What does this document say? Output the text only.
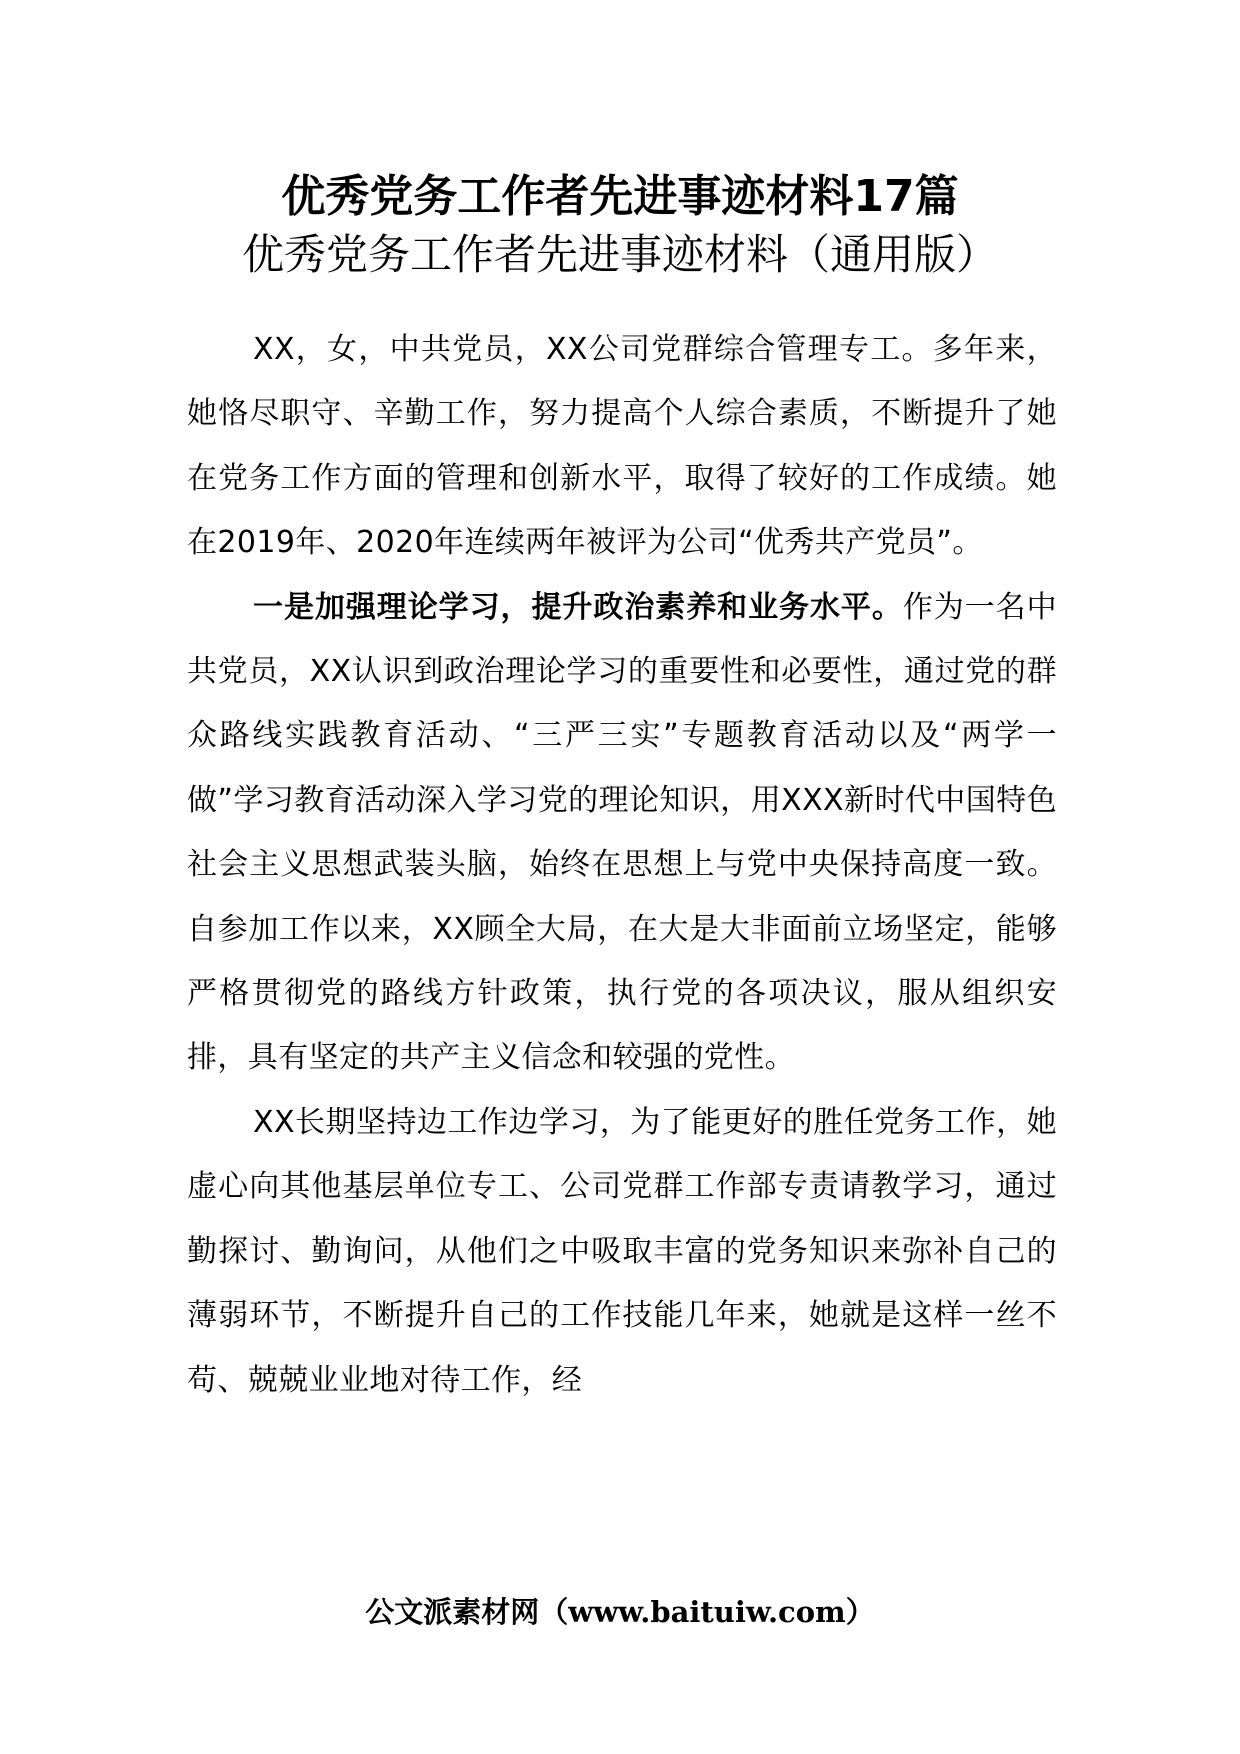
优秀党务工作者先进事迹材料17篇
优秀党务工作者先进事迹材料（通用版）

XX，女，中共党员，XX公司党群综合管理专工。多年来，她恪尽职守、辛勤工作，努力提高个人综合素质，不断提升了她在党务工作方面的管理和创新水平，取得了较好的工作成绩。她在2019年、2020年连续两年被评为公司“优秀共产党员”。

一是加强理论学习，提升政治素养和业务水平。作为一名中共党员，XX认识到政治理论学习的重要性和必要性，通过党的群众路线实践教育活动、“三严三实”专题教育活动以及“两学一做”学习教育活动深入学习党的理论知识，用XXX新时代中国特色社会主义思想武装头脑，始终在思想上与党中央保持高度一致。自参加工作以来，XX顾全大局，在大是大非面前立场坚定，能够严格贯彻党的路线方针政策，执行党的各项决议，服从组织安排，具有坚定的共产主义信念和较强的党性。

XX长期坚持边工作边学习，为了能更好的胜任党务工作，她虚心向其他基层单位专工、公司党群工作部专责请教学习，通过勤探讨、勤询问，从他们之中吸取丰富的党务知识来弥补自己的薄弱环节，不断提升自己的工作技能几年来，她就是这样一丝不苟、兢兢业业地对待工作，经

公文派素材网（www.baituiw.com）
